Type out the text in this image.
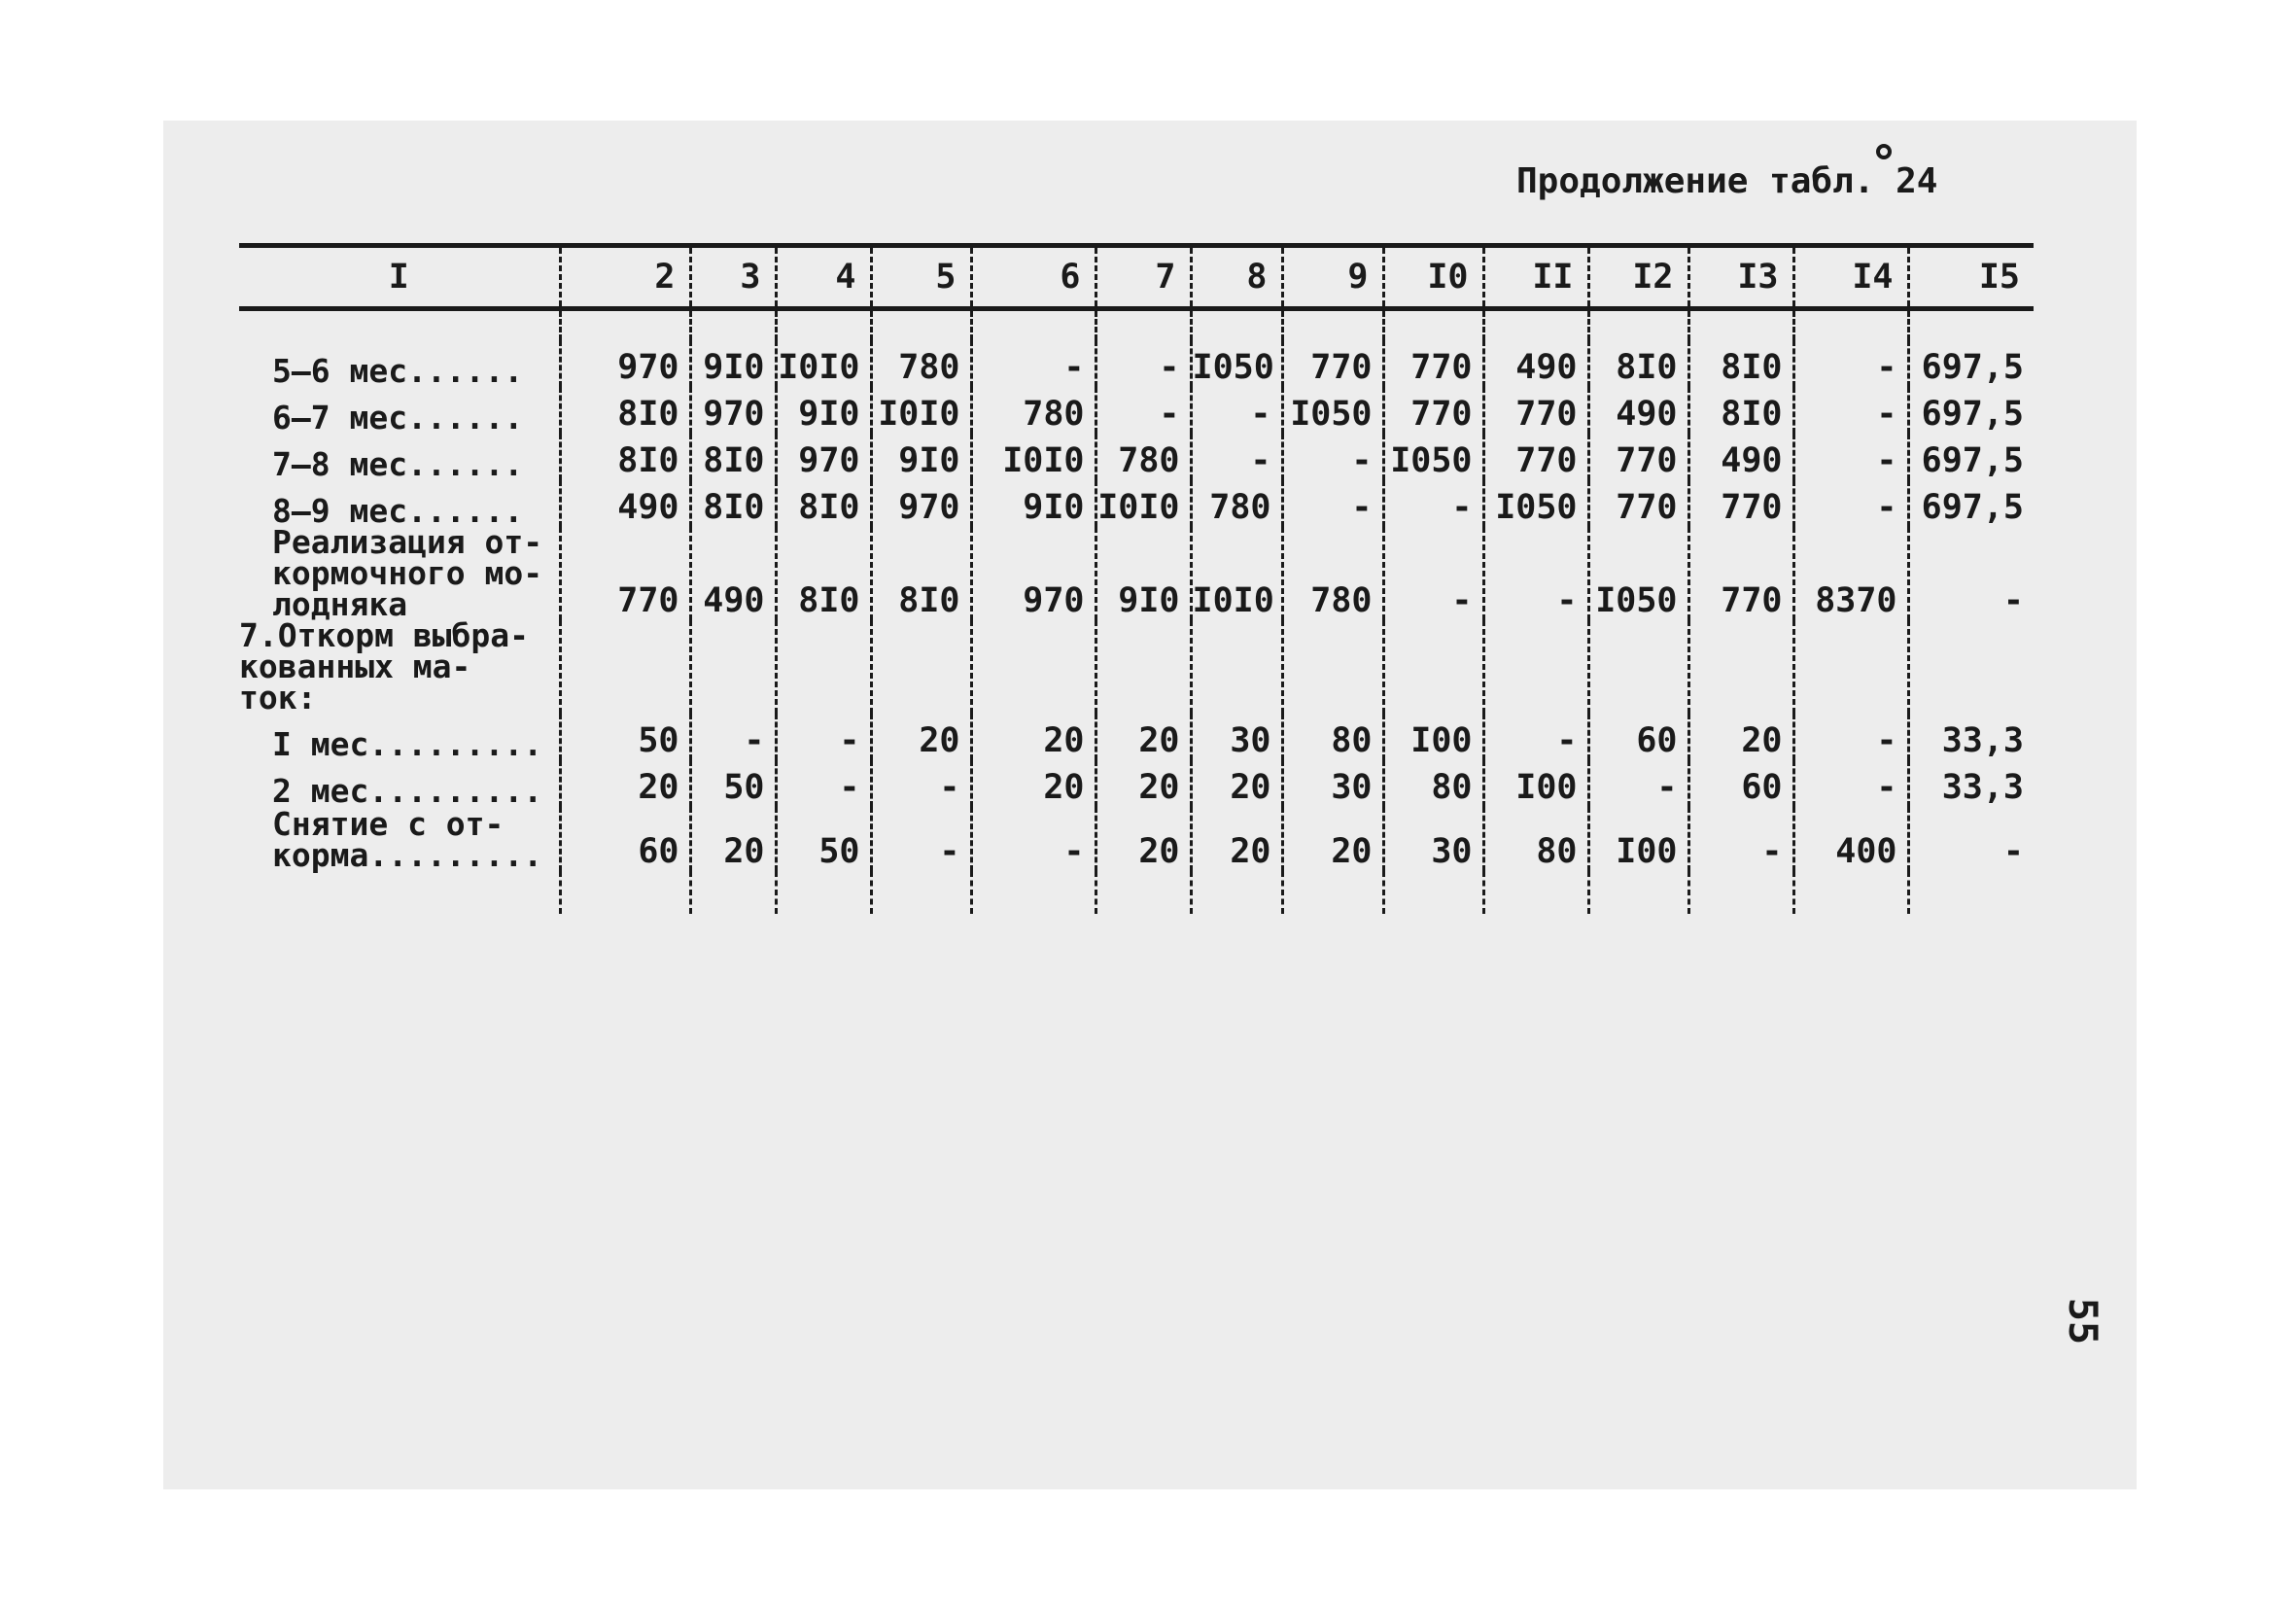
Продолжение табл. 24
I	2	3	4	5	6	7	8	9	I0	II	I2	I3	I4	I5

5–6 мес......	970	9I0	I0I0	780	-	-	I050	770	770	490	8I0	8I0	-	697,5
6–7 мес......	8I0	970	9I0	I0I0	780	-	-	I050	770	770	490	8I0	-	697,5
7–8 мес......	8I0	8I0	970	9I0	I0I0	780	-	-	I050	770	770	490	-	697,5
8–9 мес......	490	8I0	8I0	970	9I0	I0I0	780	-	-	I050	770	770	-	697,5
Реализация от-
кормочного мо-
лодняка	770	490	8I0	8I0	970	9I0	I0I0	780	-	-	I050	770	8370	-
7.Откорм выбра-
кованных ма-
ток:														
I мес.........	50	-	-	20	20	20	30	80	I00	-	60	20	-	33,3
2 мес.........	20	50	-	-	20	20	20	30	80	I00	-	60	-	33,3
Снятие с от-
корма.........	60	20	50	-	-	20	20	20	30	80	I00	-	400	-

55
